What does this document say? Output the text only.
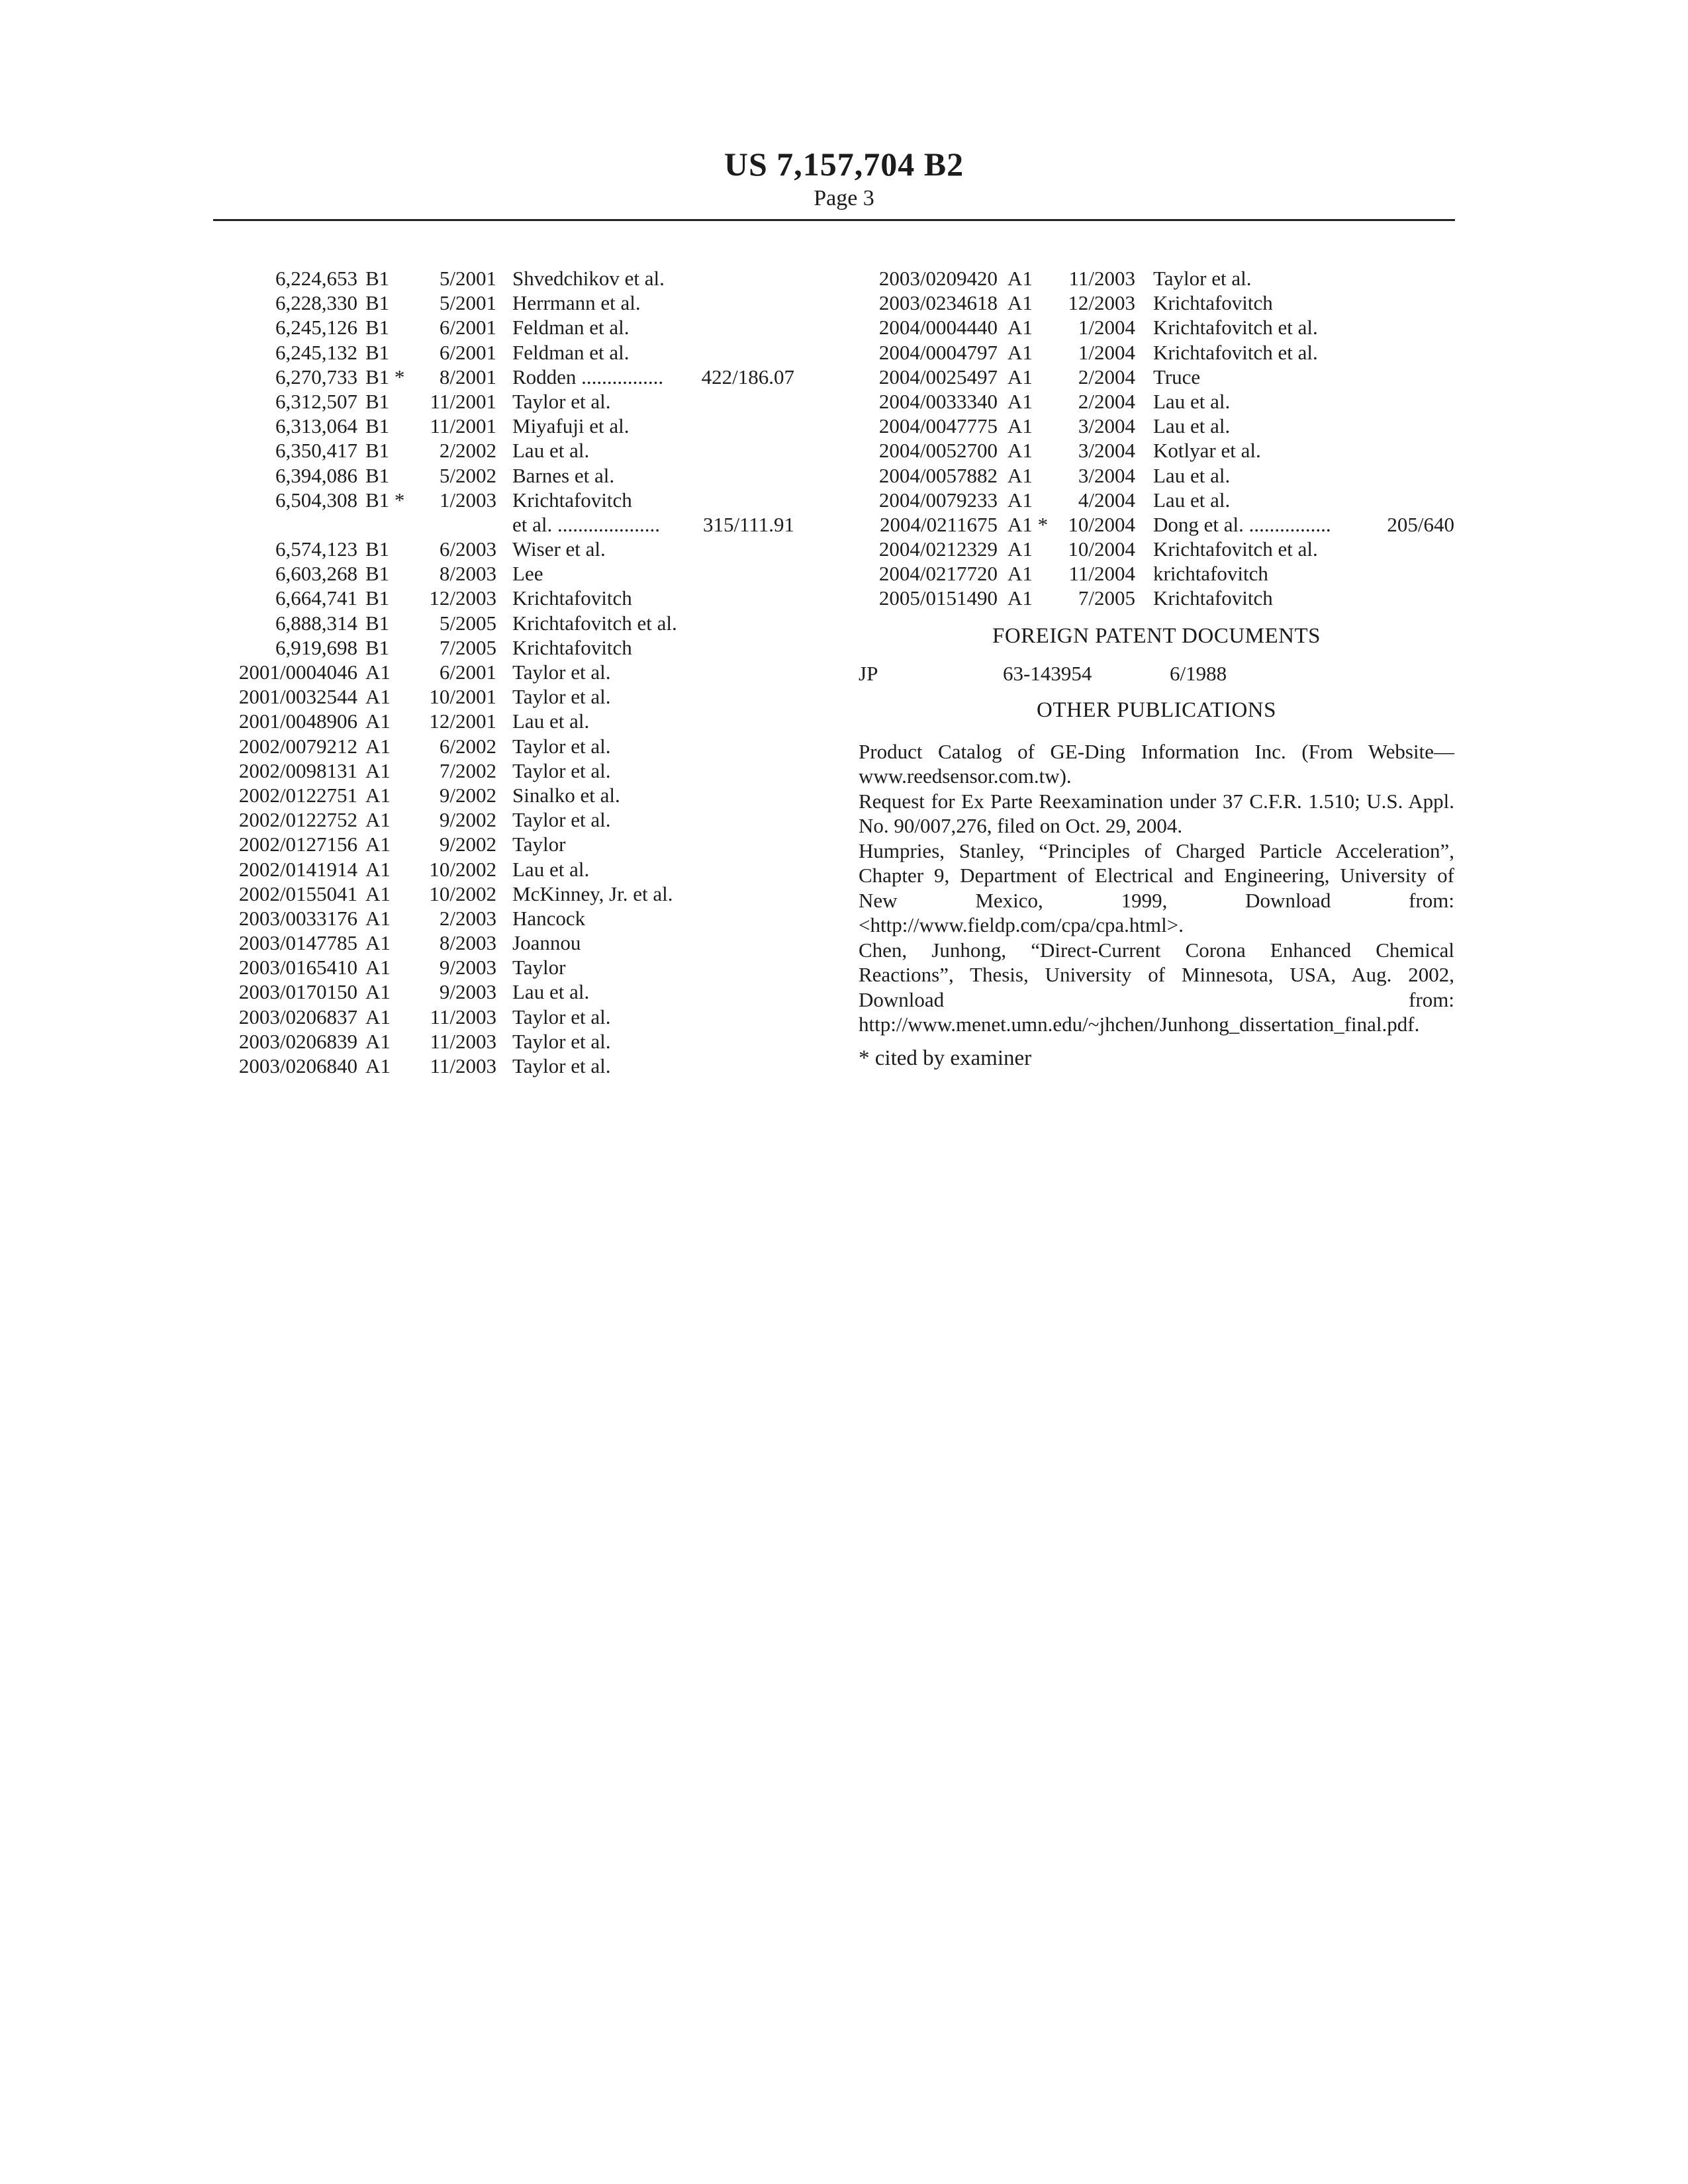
US 7,157,704 B2
Page 3
6,224,653 B1	5/2001 Shvedchikov et al.
6,228,330 B1	5/2001 Herrmann et al.
6,245,126 B1	6/2001 Feldman et al.
6,245,132 B1	6/2001 Feldman et al.
6,270,733 B1 *	8/2001 Rodden ................ 422/186.07
6,312,507 B1	11/2001 Taylor et al.
6,313,064 B1	11/2001 Miyafuji et al.
6,350,417 B1	2/2002 Lau et al.
6,394,086 B1	5/2002 Barnes et al.
6,504,308 B1 *	1/2003 Krichtafovitch
et al. .................... 315/111.91
6,574,123 B1	6/2003 Wiser et al.
6,603,268 B1	8/2003 Lee
6,664,741 B1	12/2003 Krichtafovitch
6,888,314 B1	5/2005 Krichtafovitch et al.
6,919,698 B1	7/2005 Krichtafovitch
2001/0004046 A1	6/2001 Taylor et al.
2001/0032544 A1	10/2001 Taylor et al.
2001/0048906 A1	12/2001 Lau et al.
2002/0079212 A1	6/2002 Taylor et al.
2002/0098131 A1	7/2002 Taylor et al.
2002/0122751 A1	9/2002 Sinalko et al.
2002/0122752 A1	9/2002 Taylor et al.
2002/0127156 A1	9/2002 Taylor
2002/0141914 A1	10/2002 Lau et al.
2002/0155041 A1	10/2002 McKinney, Jr. et al.
2003/0033176 A1	2/2003 Hancock
2003/0147785 A1	8/2003 Joannou
2003/0165410 A1	9/2003 Taylor
2003/0170150 A1	9/2003 Lau et al.
2003/0206837 A1	11/2003 Taylor et al.
2003/0206839 A1	11/2003 Taylor et al.
2003/0206840 A1	11/2003 Taylor et al.
2003/0209420 A1	11/2003 Taylor et al.
2003/0234618 A1	12/2003 Krichtafovitch
2004/0004440 A1	1/2004 Krichtafovitch et al.
2004/0004797 A1	1/2004 Krichtafovitch et al.
2004/0025497 A1	2/2004 Truce
2004/0033340 A1	2/2004 Lau et al.
2004/0047775 A1	3/2004 Lau et al.
2004/0052700 A1	3/2004 Kotlyar et al.
2004/0057882 A1	3/2004 Lau et al.
2004/0079233 A1	4/2004 Lau et al.
2004/0211675 A1 * 10/2004 Dong et al. ................	205/640
2004/0212329 A1	10/2004 Krichtafovitch et al.
2004/0217720 A1	11/2004 krichtafovitch
2005/0151490 A1	7/2005 Krichtafovitch
FOREIGN PATENT DOCUMENTS
JP	63-143954	6/1988
OTHER PUBLICATIONS

Product Catalog of GE-Ding Information Inc. (From Website—www.reedsensor.com.tw).

Request for Ex Parte Reexamination under 37 C.F.R. 1.510; U.S. Appl. No. 90/007,276, filed on Oct. 29, 2004.

Humpries, Stanley, “Principles of Charged Particle Acceleration”, Chapter 9, Department of Electrical and Engineering, University of New Mexico, 1999, Download from: <http://www.fieldp.com/cpa/cpa.html>.

Chen, Junhong, “Direct-Current Corona Enhanced Chemical Reactions”, Thesis, University of Minnesota, USA, Aug. 2002, Download from: http://www.menet.umn.edu/~jhchen/Junhong_dissertation_final.pdf.

* cited by examiner
